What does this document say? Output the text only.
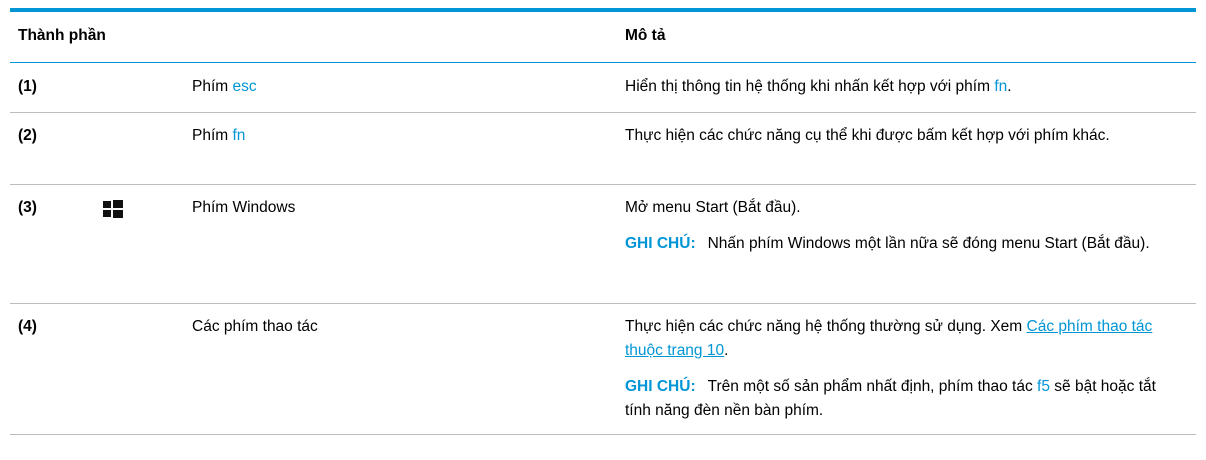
Thành phần	Mô tả
(1)	Phím esc	Hiển thị thông tin hệ thống khi nhấn kết hợp với phím fn.
(2)	Phím fn	Thực hiện các chức năng cụ thể khi được bấm kết hợp với phím khác.
(3)	Phím Windows	Mở menu Start (Bắt đầu).

GHI CHÚ: Nhấn phím Windows một lần nữa sẽ đóng menu Start (Bắt đầu).

(4)	Các phím thao tác	Thực hiện các chức năng hệ thống thường sử dụng. Xem Các phím thao tác thuộc trang 10.

GHI CHÚ: Trên một số sản phẩm nhất định, phím thao tác f5 sẽ bật hoặc tắt tính năng đèn nền bàn phím.
